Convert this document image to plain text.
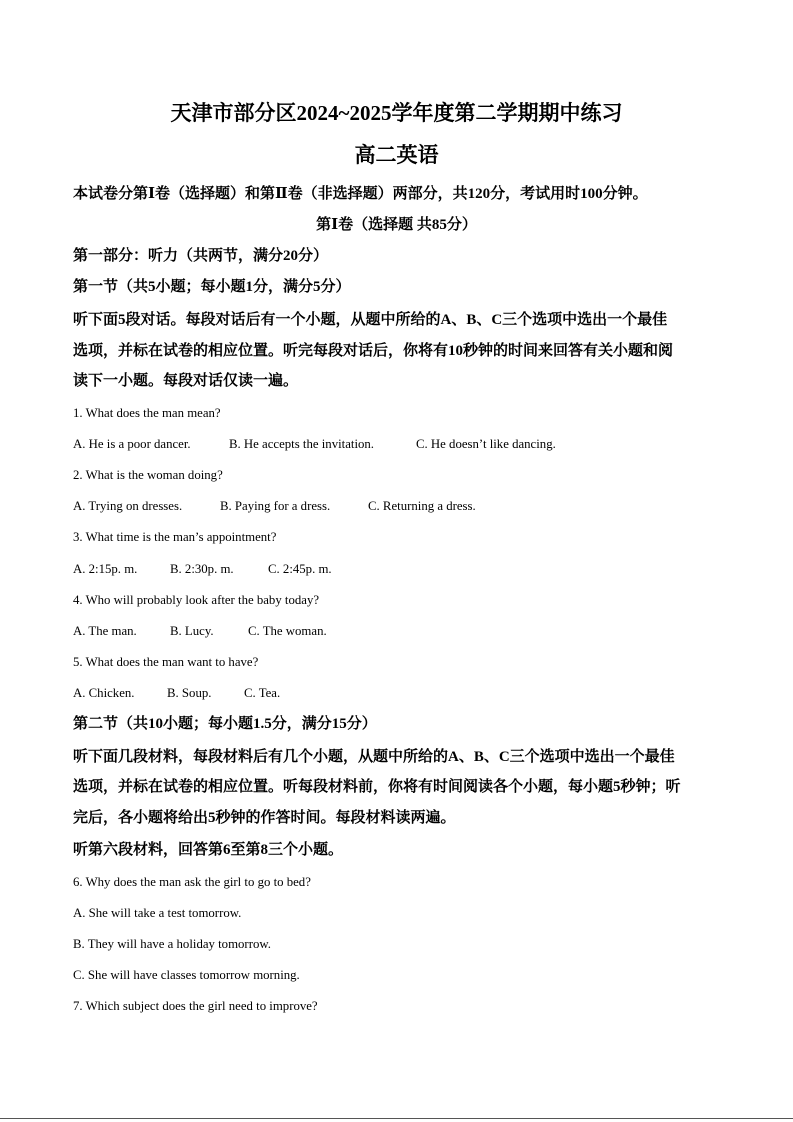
天津市部分区2024~2025学年度第二学期期中练习
高二英语
本试卷分第Ⅰ卷（选择题）和第Ⅱ卷（非选择题）两部分，共120分，考试用时100分钟。
第Ⅰ卷（选择题 共85分）
第一部分：听力（共两节，满分20分）
第一节（共5小题；每小题1分，满分5分）
听下面5段对话。每段对话后有一个小题，从题中所给的A、B、C三个选项中选出一个最佳
选项，并标在试卷的相应位置。听完每段对话后，你将有10秒钟的时间来回答有关小题和阅
读下一小题。每段对话仅读一遍。
1. What does the man mean?
A. He is a poor dancer.	B. He accepts the invitation.	C. He doesn’t like dancing.
2. What is the woman doing?
A. Trying on dresses.	B. Paying for a dress.	C. Returning a dress.
3. What time is the man’s appointment?
A. 2:15p. m.	B. 2:30p. m.	C. 2:45p. m.
4. Who will probably look after the baby today?
A. The man.	B. Lucy.	C. The woman.
5. What does the man want to have?
A. Chicken.	B. Soup.	C. Tea.
第二节（共10小题；每小题1.5分，满分15分）
听下面几段材料，每段材料后有几个小题，从题中所给的A、B、C三个选项中选出一个最佳
选项，并标在试卷的相应位置。听每段材料前，你将有时间阅读各个小题，每小题5秒钟；听
完后，各小题将给出5秒钟的作答时间。每段材料读两遍。
听第六段材料，回答第6至第8三个小题。
6. Why does the man ask the girl to go to bed?
A. She will take a test tomorrow.
B. They will have a holiday tomorrow.
C. She will have classes tomorrow morning.
7. Which subject does the girl need to improve?
